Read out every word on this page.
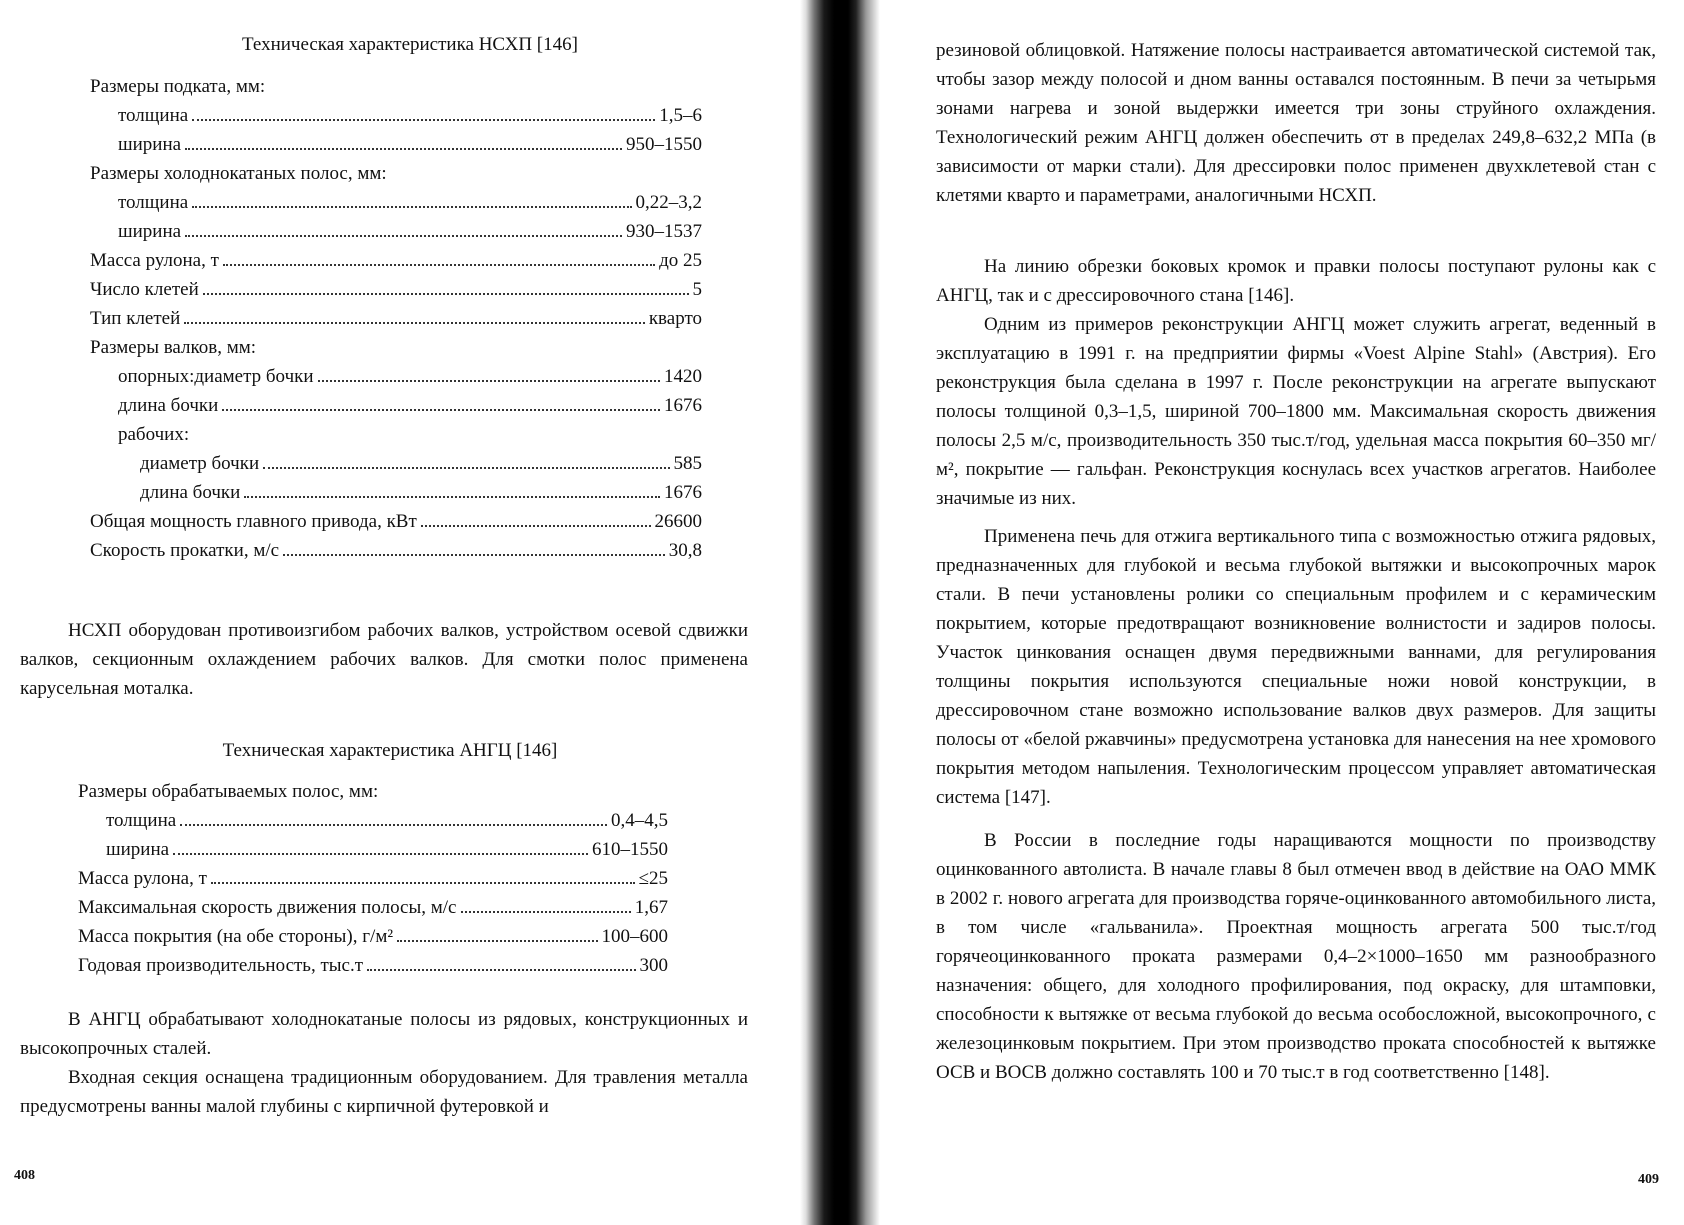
Техническая характеристика НСХП [146]

Размеры подката, мм:
толщина	1,5–6
ширина	950–1550
Размеры холоднокатаных полос, мм:
толщина	0,22–3,2
ширина	930–1537
Масса рулона, т	до 25
Число клетей	5
Тип клетей	кварто
Размеры валков, мм:
опорных:диаметр бочки	1420
длина бочки	1676
рабочих:
диаметр бочки	585
длина бочки	1676
Общая мощность главного привода, кВт	26600
Скорость прокатки, м/с	30,8

НСХП оборудован противоизгибом рабочих валков, устройством осевой сдвижки валков, секционным охлаждением рабочих валков. Для смотки полос применена карусельная моталка.

Техническая характеристика АНГЦ [146]

Размеры обрабатываемых полос, мм:
толщина	0,4–4,5
ширина	610–1550
Масса рулона, т	≤25
Максимальная скорость движения полосы, м/с	1,67
Масса покрытия (на обе стороны), г/м²	100–600
Годовая производительность, тыс.т	300

В АНГЦ обрабатывают холоднокатаные полосы из рядовых, конструкционных и высокопрочных сталей.

Входная секция оснащена традиционным оборудованием. Для травления металла предусмотрены ванны малой глубины с кирпичной футеровкой и

408

резиновой облицовкой. Натяжение полосы настраивается автоматической системой так, чтобы зазор между полосой и дном ванны оставался постоянным. В печи за четырьмя зонами нагрева и зоной выдержки имеется три зоны струйного охлаждения. Технологический режим АНГЦ должен обеспечить σт в пределах 249,8–632,2 МПа (в зависимости от марки стали). Для дрессировки полос применен двухклетевой стан с клетями кварто и параметрами, аналогичными НСХП.

На линию обрезки боковых кромок и правки полосы поступают рулоны как с АНГЦ, так и с дрессировочного стана [146].

Одним из примеров реконструкции АНГЦ может служить агрегат, веденный в эксплуатацию в 1991 г. на предприятии фирмы «Voest Alpine Stahl» (Австрия). Его реконструкция была сделана в 1997 г. После реконструкции на агрегате выпускают полосы толщиной 0,3–1,5, шириной 700–1800 мм. Максимальная скорость движения полосы 2,5 м/с, производительность 350 тыс.т/год, удельная масса покрытия 60–350 мг/м², покрытие — гальфан. Реконструкция коснулась всех участков агрегатов. Наиболее значимые из них.

Применена печь для отжига вертикального типа с возможностью отжига рядовых, предназначенных для глубокой и весьма глубокой вытяжки и высокопрочных марок стали. В печи установлены ролики со специальным профилем и с керамическим покрытием, которые предотвращают возникновение волнистости и задиров полосы. Участок цинкования оснащен двумя передвижными ваннами, для регулирования толщины покрытия используются специальные ножи новой конструкции, в дрессировочном стане возможно использование валков двух размеров. Для защиты полосы от «белой ржавчины» предусмотрена установка для нанесения на нее хромового покрытия методом напыления. Технологическим процессом управляет автоматическая система [147].

В России в последние годы наращиваются мощности по производству оцинкованного автолиста. В начале главы 8 был отмечен ввод в действие на ОАО ММК в 2002 г. нового агрегата для производства горяче-оцинкованного автомобильного листа, в том числе «гальванила». Проектная мощность агрегата 500 тыс.т/год горячеоцинкованного проката размерами 0,4–2×1000–1650 мм разнообразного назначения: общего, для холодного профилирования, под окраску, для штамповки, способности к вытяжке от весьма глубокой до весьма особосложной, высокопрочного, с железоцинковым покрытием. При этом производство проката способностей к вытяжке ОСВ и ВОСВ должно составлять 100 и 70 тыс.т в год соответственно [148].

409
